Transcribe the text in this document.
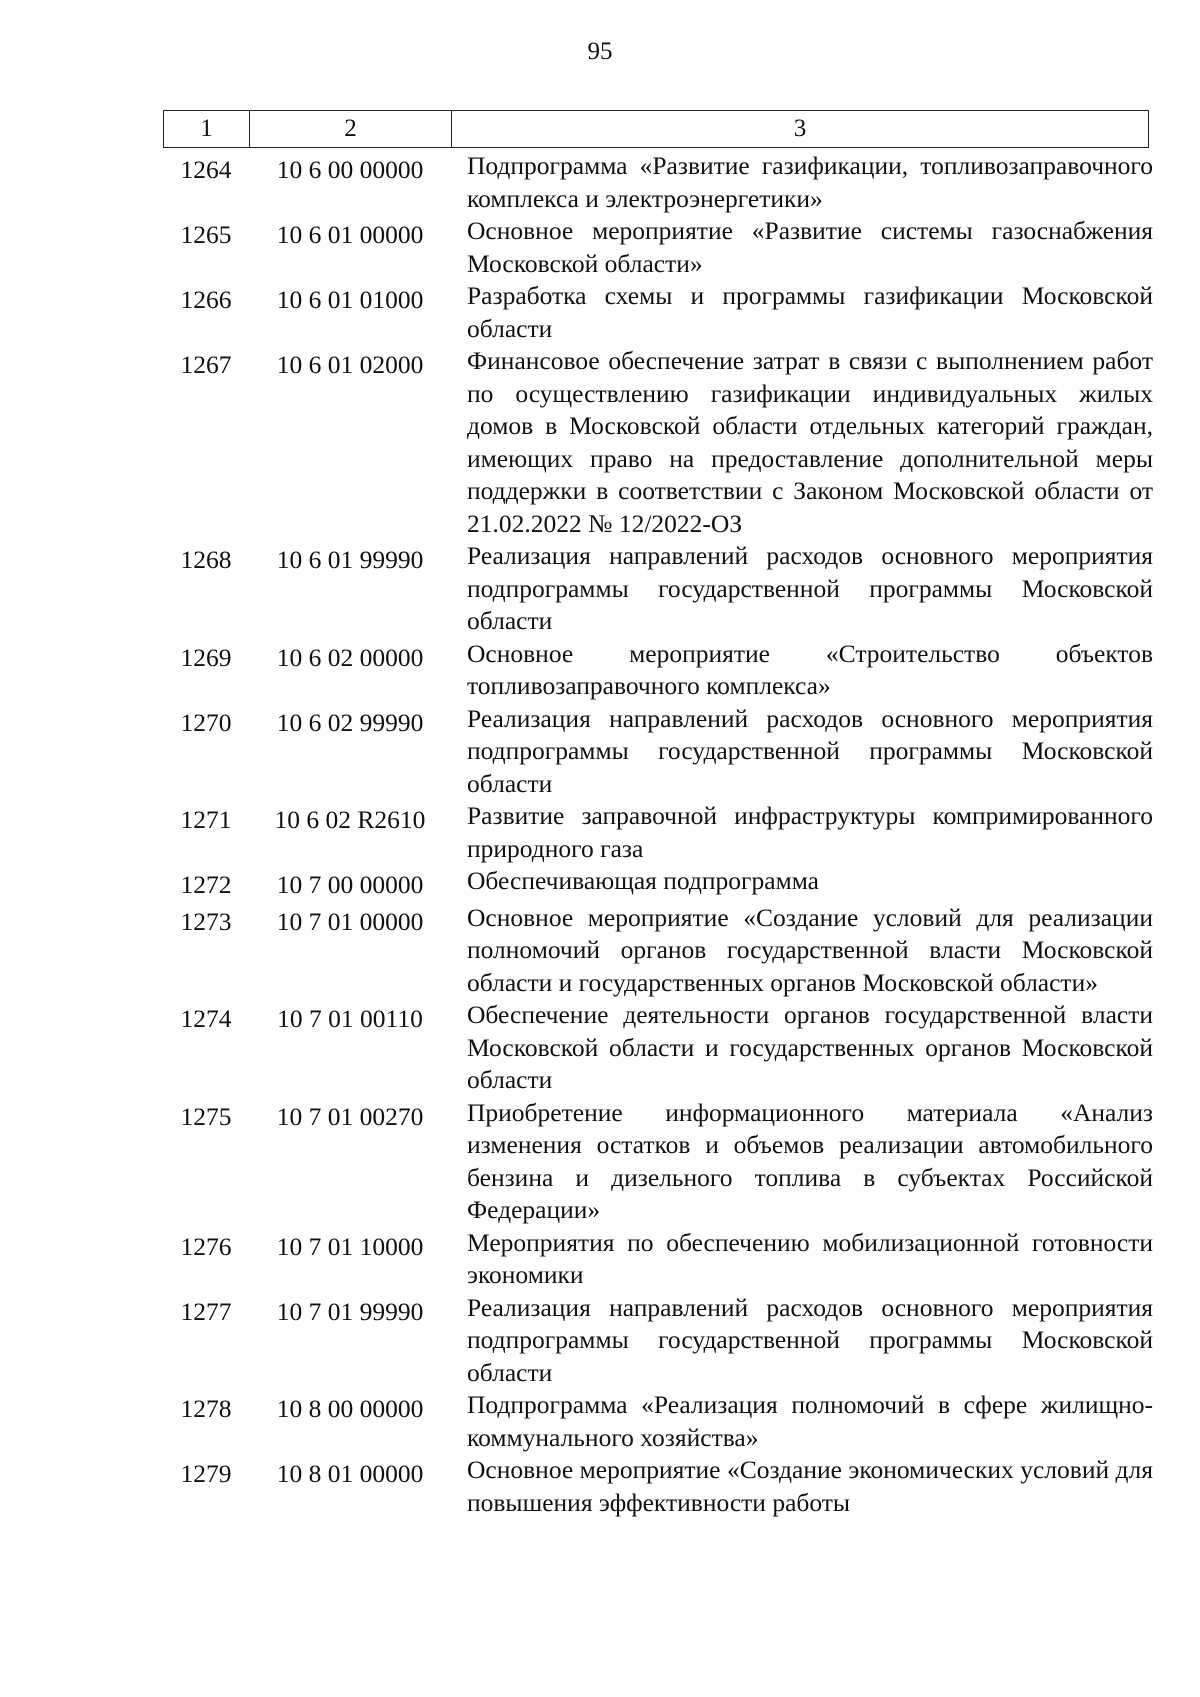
95
1	2	3
1264	10 6 00 00000	Подпрограмма «Развитие газификации, топливозаправочного комплекса и электроэнергетики»
1265	10 6 01 00000	Основное мероприятие «Развитие системы газоснабжения Московской области»
1266	10 6 01 01000	Разработка схемы и программы газификации Московской области
1267	10 6 01 02000	Финансовое обеспечение затрат в связи с выполнением работ по осуществлению газификации индивидуальных жилых домов в Московской области отдельных категорий граждан, имеющих право на предоставление дополнительной меры поддержки в соответствии с Законом Московской области от 21.02.2022 № 12/2022-ОЗ
1268	10 6 01 99990	Реализация направлений расходов основного мероприятия подпрограммы государственной программы Московской области
1269	10 6 02 00000	Основное мероприятие «Строительство объектов топливозаправочного комплекса»
1270	10 6 02 99990	Реализация направлений расходов основного мероприятия подпрограммы государственной программы Московской области
1271	10 6 02 R2610	Развитие заправочной инфраструктуры компримированного природного газа
1272	10 7 00 00000	Обеспечивающая подпрограмма
1273	10 7 01 00000	Основное мероприятие «Создание условий для реализации полномочий органов государственной власти Московской области и государственных органов Московской области»
1274	10 7 01 00110	Обеспечение деятельности органов государственной власти Московской области и государственных органов Московской области
1275	10 7 01 00270	Приобретение информационного материала «Анализ изменения остатков и объемов реализации автомобильного бензина и дизельного топлива в субъектах Российской Федерации»
1276	10 7 01 10000	Мероприятия по обеспечению мобилизационной готовности экономики
1277	10 7 01 99990	Реализация направлений расходов основного мероприятия подпрограммы государственной программы Московской области
1278	10 8 00 00000	Подпрограмма «Реализация полномочий в сфере жилищно-коммунального хозяйства»
1279	10 8 01 00000	Основное мероприятие «Создание экономических условий для повышения эффективности работы
